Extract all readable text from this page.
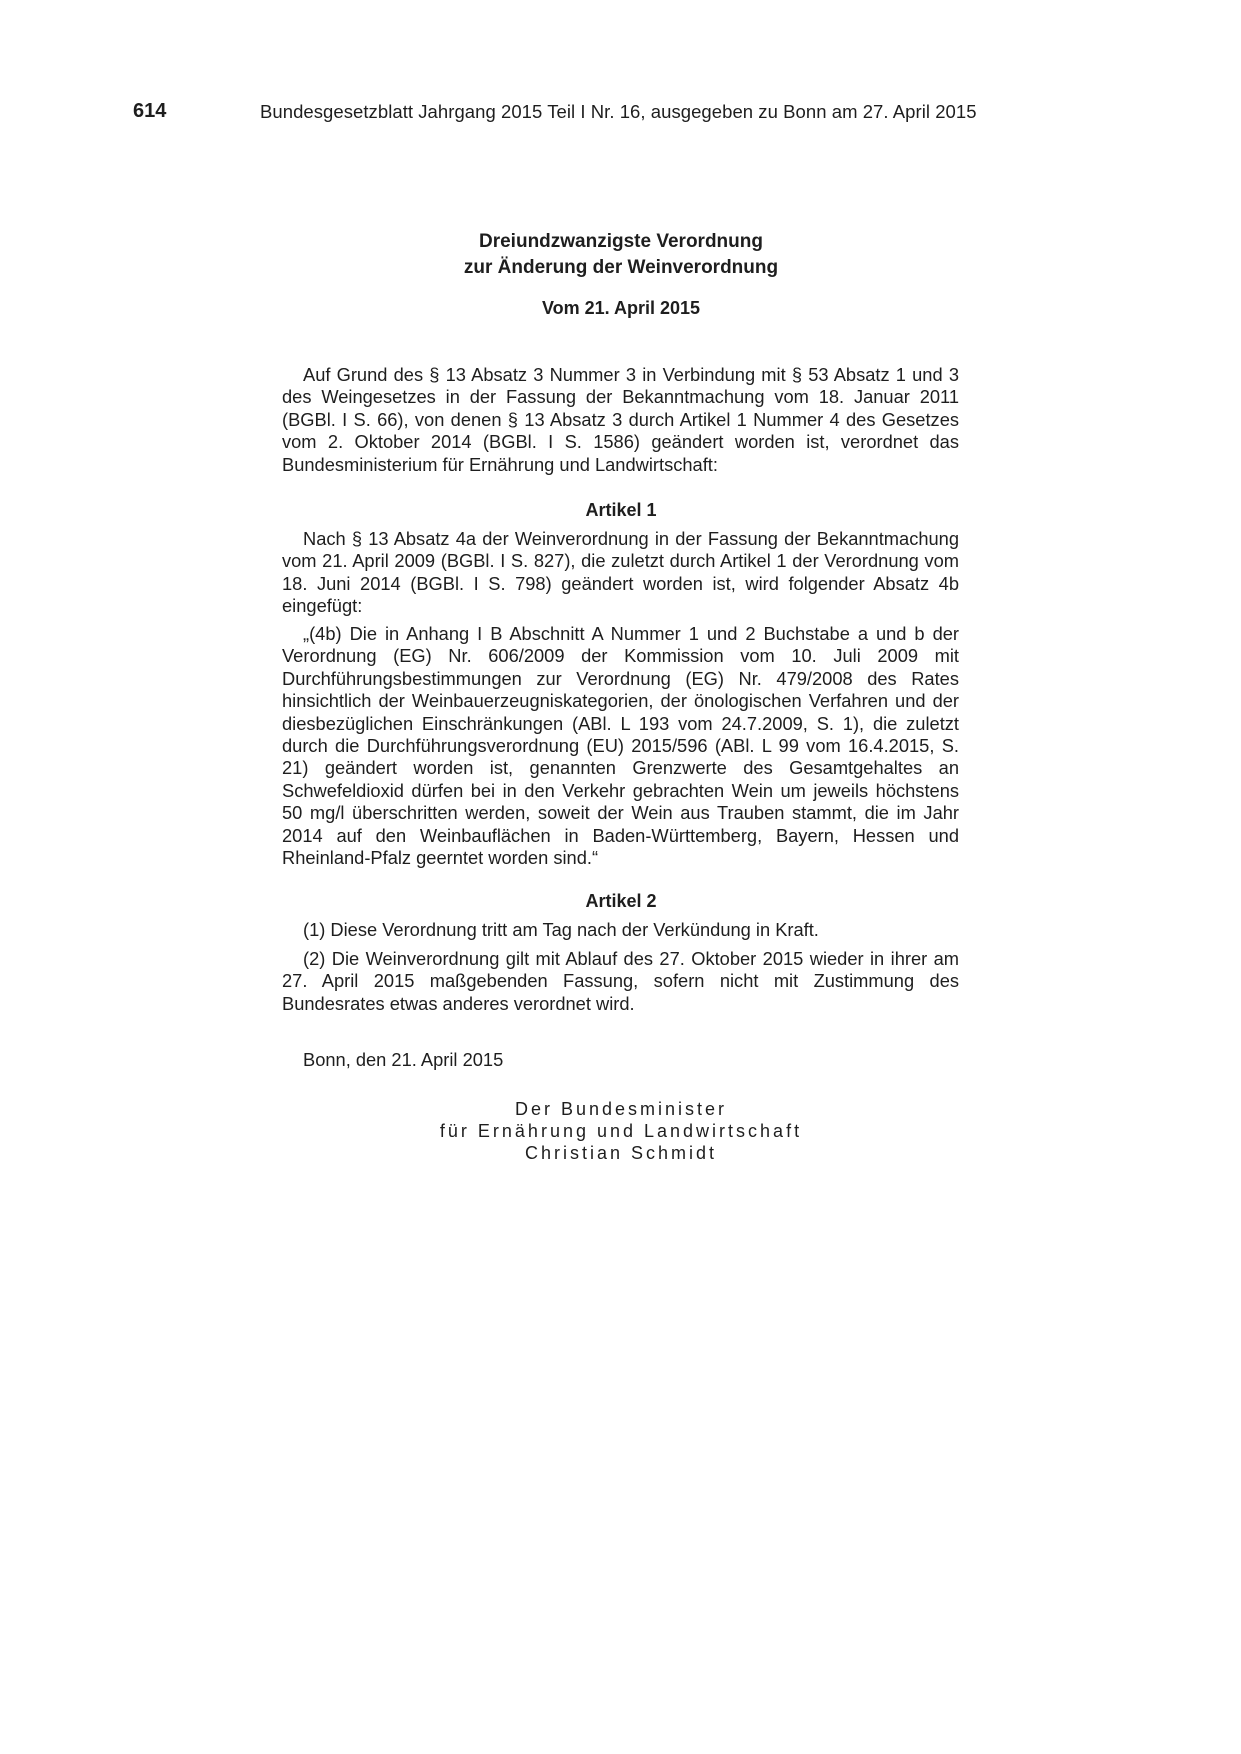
614	Bundesgesetzblatt Jahrgang 2015 Teil I Nr. 16, ausgegeben zu Bonn am 27. April 2015
Dreiundzwanzigste Verordnung
zur Änderung der Weinverordnung
Vom 21. April 2015

Auf Grund des § 13 Absatz 3 Nummer 3 in Verbindung mit § 53 Absatz 1 und 3 des Weingesetzes in der Fassung der Bekanntmachung vom 18. Januar 2011 (BGBl. I S. 66), von denen § 13 Absatz 3 durch Artikel 1 Nummer 4 des Gesetzes vom 2. Oktober 2014 (BGBl. I S. 1586) geändert worden ist, verordnet das Bundesministerium für Ernährung und Landwirtschaft:

Artikel 1

Nach § 13 Absatz 4a der Weinverordnung in der Fassung der Bekanntmachung vom 21. April 2009 (BGBl. I S. 827), die zuletzt durch Artikel 1 der Verordnung vom 18. Juni 2014 (BGBl. I S. 798) geändert worden ist, wird folgender Absatz 4b eingefügt:

„(4b) Die in Anhang I B Abschnitt A Nummer 1 und 2 Buchstabe a und b der Verordnung (EG) Nr. 606/2009 der Kommission vom 10. Juli 2009 mit Durchführungsbestimmungen zur Verordnung (EG) Nr. 479/2008 des Rates hinsichtlich der Weinbauerzeugniskategorien, der önologischen Verfahren und der diesbezüglichen Einschränkungen (ABl. L 193 vom 24.7.2009, S. 1), die zuletzt durch die Durchführungsverordnung (EU) 2015/596 (ABl. L 99 vom 16.4.2015, S. 21) geändert worden ist, genannten Grenzwerte des Gesamtgehaltes an Schwefeldioxid dürfen bei in den Verkehr gebrachten Wein um jeweils höchstens 50 mg/l überschritten werden, soweit der Wein aus Trauben stammt, die im Jahr 2014 auf den Weinbauflächen in Baden-Württemberg, Bayern, Hessen und Rheinland-Pfalz geerntet worden sind.“

Artikel 2

(1) Diese Verordnung tritt am Tag nach der Verkündung in Kraft.

(2) Die Weinverordnung gilt mit Ablauf des 27. Oktober 2015 wieder in ihrer am 27. April 2015 maßgebenden Fassung, sofern nicht mit Zustimmung des Bundesrates etwas anderes verordnet wird.

Bonn, den 21. April 2015
Der Bundesminister
für Ernährung und Landwirtschaft
Christian Schmidt
